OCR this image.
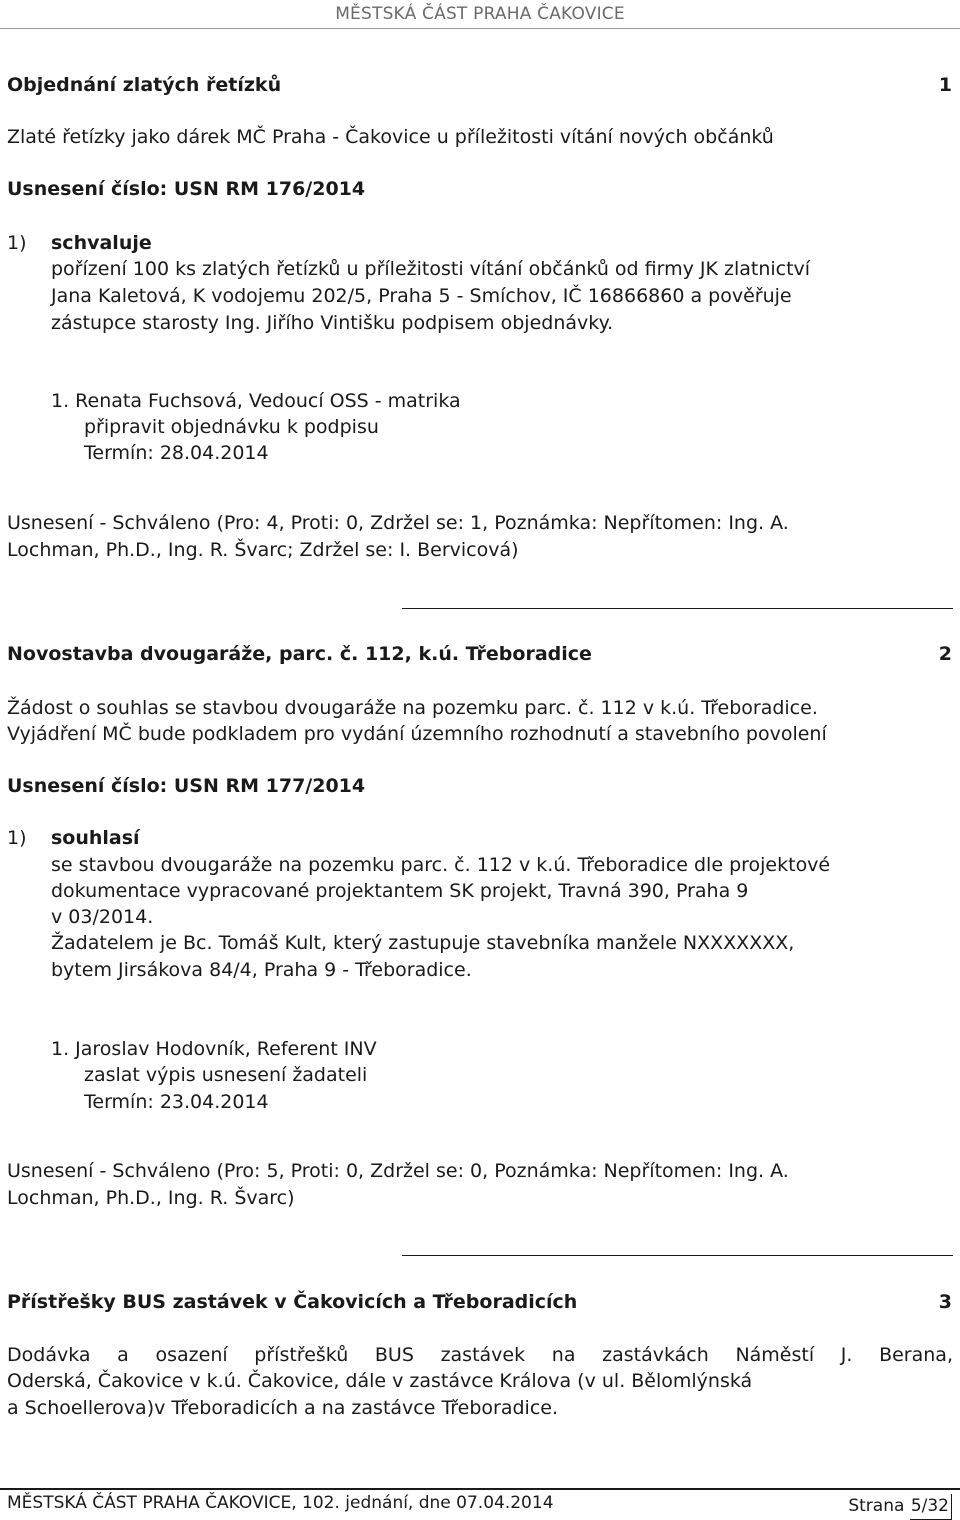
MĚSTSKÁ ČÁST PRAHA ČAKOVICE
Objednání zlatých řetízků	1
Zlaté řetízky jako dárek MČ Praha - Čakovice u příležitosti vítání nových občánků
Usnesení číslo: USN RM 176/2014
1) schvaluje
pořízení 100 ks zlatých řetízků u příležitosti vítání občánků od firmy JK zlatnictví
Jana Kaletová, K vodojemu 202/5, Praha 5 - Smíchov, IČ 16866860 a pověřuje
zástupce starosty Ing. Jiřího Vintišku podpisem objednávky.
1. Renata Fuchsová, Vedoucí OSS - matrika
připravit objednávku k podpisu
Termín: 28.04.2014
Usnesení - Schváleno (Pro: 4, Proti: 0, Zdržel se: 1, Poznámka: Nepřítomen: Ing. A.
Lochman, Ph.D., Ing. R. Švarc; Zdržel se: I. Bervicová)
Novostavba dvougaráže, parc. č. 112, k.ú. Třeboradice	2
Žádost o souhlas se stavbou dvougaráže na pozemku parc. č. 112 v k.ú. Třeboradice.
Vyjádření MČ bude podkladem pro vydání územního rozhodnutí a stavebního povolení
Usnesení číslo: USN RM 177/2014
1) souhlasí
se stavbou dvougaráže na pozemku parc. č. 112 v k.ú. Třeboradice dle projektové
dokumentace vypracované projektantem SK projekt, Travná 390, Praha 9
v 03/2014.
Žadatelem je Bc. Tomáš Kult, který zastupuje stavebníka manžele NXXXXXXX,
bytem Jirsákova 84/4, Praha 9 - Třeboradice.
1. Jaroslav Hodovník, Referent INV
zaslat výpis usnesení žadateli
Termín: 23.04.2014
Usnesení - Schváleno (Pro: 5, Proti: 0, Zdržel se: 0, Poznámka: Nepřítomen: Ing. A.
Lochman, Ph.D., Ing. R. Švarc)
Přístřešky BUS zastávek v Čakovicích a Třeboradicích	3
Dodávka a osazení přístřešků BUS zastávek na zastávkách Náměstí J. Berana,
Oderská, Čakovice v k.ú. Čakovice, dále v zastávce Králova (v ul. Bělomlýnská
a Schoellerova)v Třeboradicích a na zastávce Třeboradice.
MĚSTSKÁ ČÁST PRAHA ČAKOVICE, 102. jednání, dne 07.04.2014	Strana 5/32
